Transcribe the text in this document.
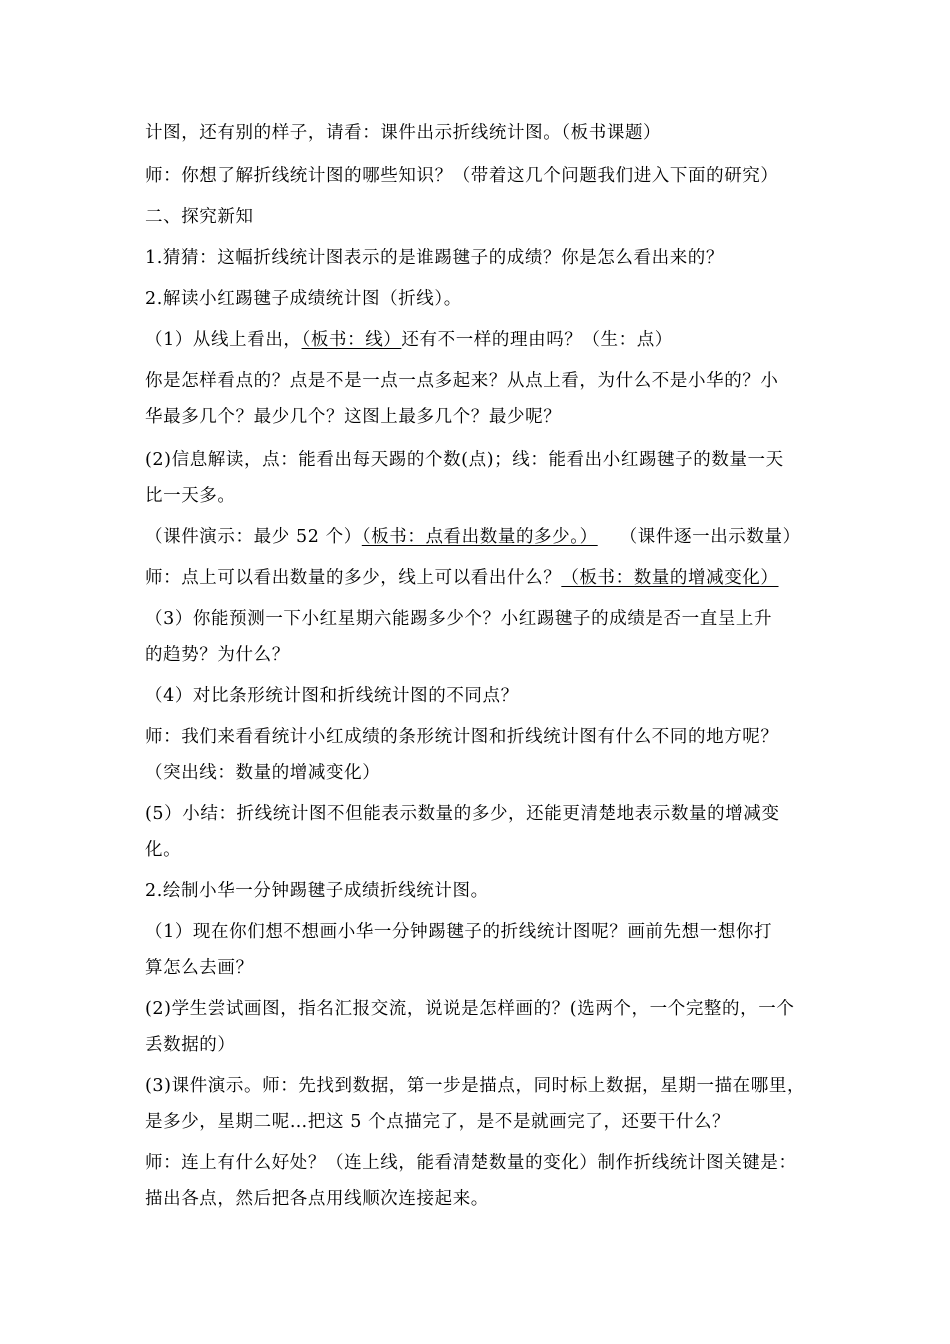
计图，还有别的样子，请看：课件出示折线统计图。（板书课题）
师：你想了解折线统计图的哪些知识？（带着这几个问题我们进入下面的研究）
二、探究新知
1.猜猜：这幅折线统计图表示的是谁踢毽子的成绩？你是怎么看出来的？
2.解读小红踢毽子成绩统计图（折线）。
（1）从线上看出，（板书：线）还有不一样的理由吗？（生：点）
你是怎样看点的？点是不是一点一点多起来？从点上看，为什么不是小华的？小
华最多几个？最少几个？这图上最多几个？最少呢？
(2)信息解读，点：能看出每天踢的个数(点)；线：能看出小红踢毽子的数量一天
比一天多。
（课件演示：最少 52 个）（板书：点看出数量的多少。） （课件逐一出示数量）
师：点上可以看出数量的多少，线上可以看出什么？（板书：数量的增减变化）
（3）你能预测一下小红星期六能踢多少个？小红踢毽子的成绩是否一直呈上升
的趋势？为什么？
（4）对比条形统计图和折线统计图的不同点？
师：我们来看看统计小红成绩的条形统计图和折线统计图有什么不同的地方呢？
（突出线：数量的增减变化）
(5）小结：折线统计图不但能表示数量的多少，还能更清楚地表示数量的增减变
化。
2.绘制小华一分钟踢毽子成绩折线统计图。
（1）现在你们想不想画小华一分钟踢毽子的折线统计图呢？画前先想一想你打
算怎么去画？
(2)学生尝试画图，指名汇报交流，说说是怎样画的？(选两个，一个完整的，一个
丢数据的）
(3)课件演示。师：先找到数据，第一步是描点，同时标上数据，星期一描在哪里，
是多少，星期二呢…把这 5 个点描完了，是不是就画完了，还要干什么？
师：连上有什么好处？（连上线，能看清楚数量的变化）制作折线统计图关键是：
描出各点，然后把各点用线顺次连接起来。
